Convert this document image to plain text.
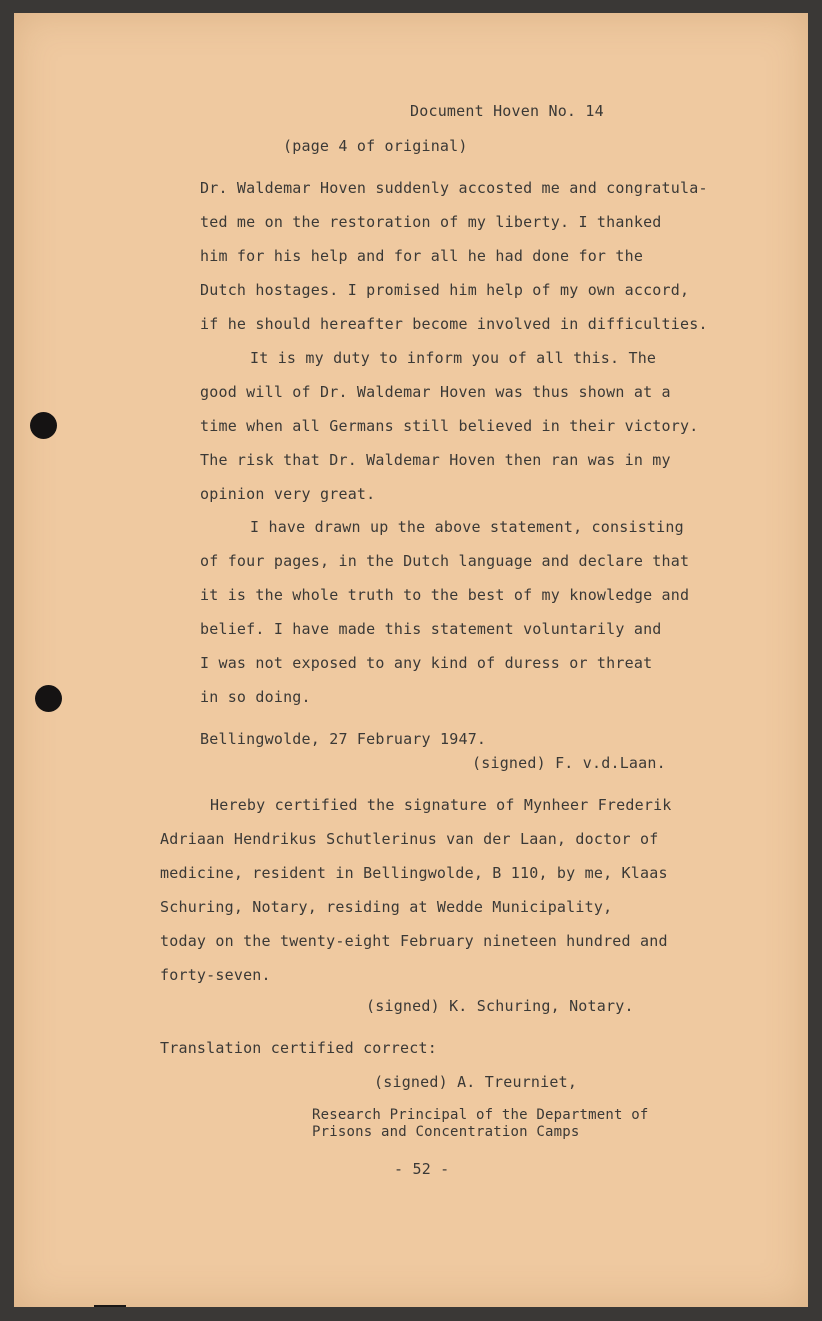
Document Hoven No. 14
(page 4 of original)
Dr. Waldemar Hoven suddenly accosted me and congratula-
ted me on the restoration of my liberty. I thanked
him for his help and for all he had done for the
Dutch hostages. I promised him help of my own accord,
if he should hereafter become involved in difficulties.
It is my duty to inform you of all this. The
good will of Dr. Waldemar Hoven was thus shown at a
time when all Germans still believed in their victory.
The risk that Dr. Waldemar Hoven then ran was in my
opinion very great.
I have drawn up the above statement, consisting
of four pages, in the Dutch language and declare that
it is the whole truth to the best of my knowledge and
belief. I have made this statement voluntarily and
I was not exposed to any kind of duress or threat
in so doing.
Bellingwolde, 27 February 1947.
(signed) F. v.d.Laan.
Hereby certified the signature of Mynheer Frederik
Adriaan Hendrikus Schutlerinus van der Laan, doctor of
medicine, resident in Bellingwolde, B 110, by me, Klaas
Schuring, Notary, residing at Wedde Municipality,
today on the twenty-eight February nineteen hundred and
forty-seven.
(signed) K. Schuring, Notary.
Translation certified correct:
(signed) A. Treurniet,
Research Principal of the Department of
Prisons and Concentration Camps
- 52 -
